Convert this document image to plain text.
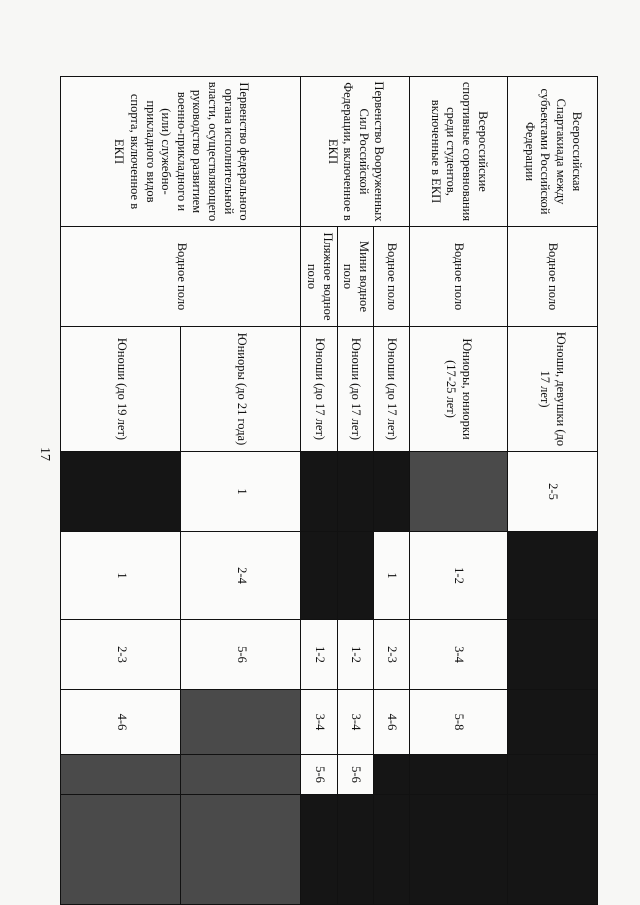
17
Всероссийская Спартакиада между субъектами Российской Федерации	Водное поло	Юноши, девушки (до 17 лет)	2-5					
Всероссийские спортивные соревнования среди студентов, включенные в ЕКП	Водное поло	Юниоры, юниорки (17-25 лет)		1-2	3-4	5-8		
Первенство Вооруженных Сил Российской Федерации, включенное в ЕКП	Водное поло	Юноши (до 17 лет)		1	2-3	4-6		
	Мини водное поло	Юноши (до 17 лет)			1-2	3-4	5-6	
	Пляжное водное поло	Юноши (до 17 лет)			1-2	3-4	5-6	
Первенство федерального органа исполнительной власти, осуществляющего руководство развитием военно-прикладного и (или) служебно-прикладного видов спорта, включенное в ЕКП	Водное поло	Юниоры (до 21 года)	1	2-4	5-6			
		Юноши (до 19 лет)		1	2-3	4-6		
